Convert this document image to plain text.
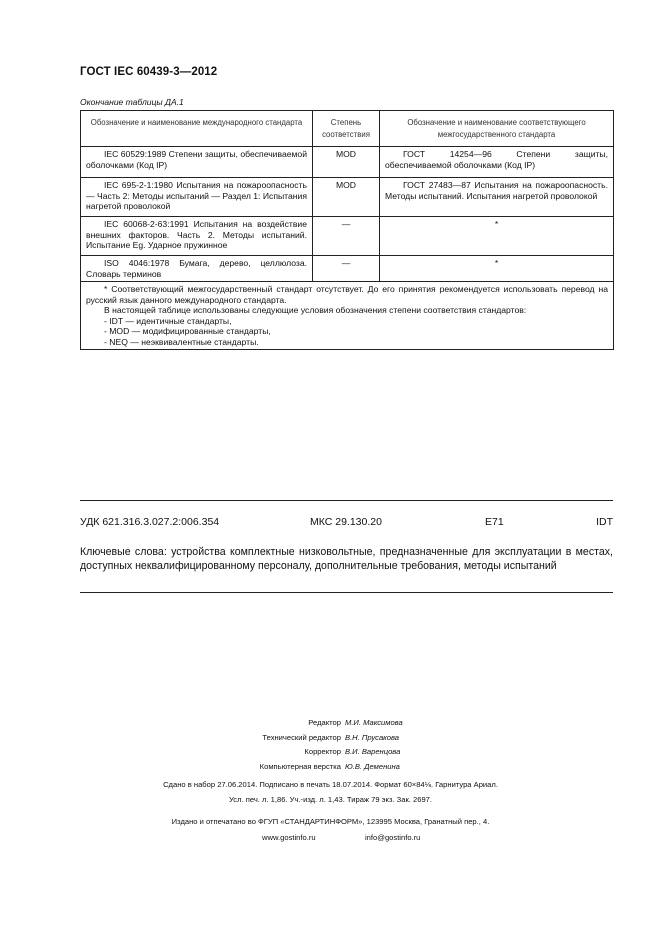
ГОСТ IEC 60439-3—2012
Окончание таблицы ДА.1
Обозначение и наименование международного стандарта	Степень соответствия	Обозначение и наименование соответствующего межгосударственного стандарта
IEC 60529:1989 Степени защиты, обеспечиваемой оболочками (Код IP)	MOD	ГОСТ 14254—96 Степени защиты, обеспечиваемой оболочками (Код IP)
IEC 695-2-1:1980 Испытания на пожароопасность — Часть 2: Методы испытаний — Раздел 1: Испытания нагретой проволокой	MOD	ГОСТ 27483—87 Испытания на пожароопасность. Методы испытаний. Испытания нагретой проволокой
IEC 60068-2-63:1991 Испытания на воздействие внешних факторов. Часть 2. Методы испытаний. Испытание Eg. Ударное пружинное	—	*
ISO 4046:1978 Бумага, дерево, целлюлоза. Словарь терминов	—	*

* Соответствующий межгосударственный стандарт отсутствует. До его принятия рекомендуется использовать перевод на русский язык данного международного стандарта.

В настоящей таблице использованы следующие условия обозначения степени соответствия стандартов:

- IDT — идентичные стандарты,

- MOD — модифицированные стандарты,

- NEQ — неэквивалентные стандарты.		

УДК 621.316.3.027.2:006.354	МКС 29.130.20	Е71	IDT
Ключевые слова: устройства комплектные низковольтные, предназначенные для эксплуатации в местах, доступных неквалифицированному персоналу, дополнительные требования, методы испытаний
Редактор М.И. Максимова
Технический редактор В.Н. Прусакова
Корректор В.И. Варенцова
Компьютерная верстка Ю.В. Деменина
Сдано в набор 27.06.2014. Подписано в печать 18.07.2014. Формат 60×84⅛. Гарнитура Ариал.
Усл. печ. л. 1,86. Уч.-изд. л. 1,43. Тираж 79 экз. Зак. 2697.
Издано и отпечатано во ФГУП «СТАНДАРТИНФОРМ», 123995 Москва, Гранатный пер., 4.
www.gostinfo.ru	info@gostinfo.ru
